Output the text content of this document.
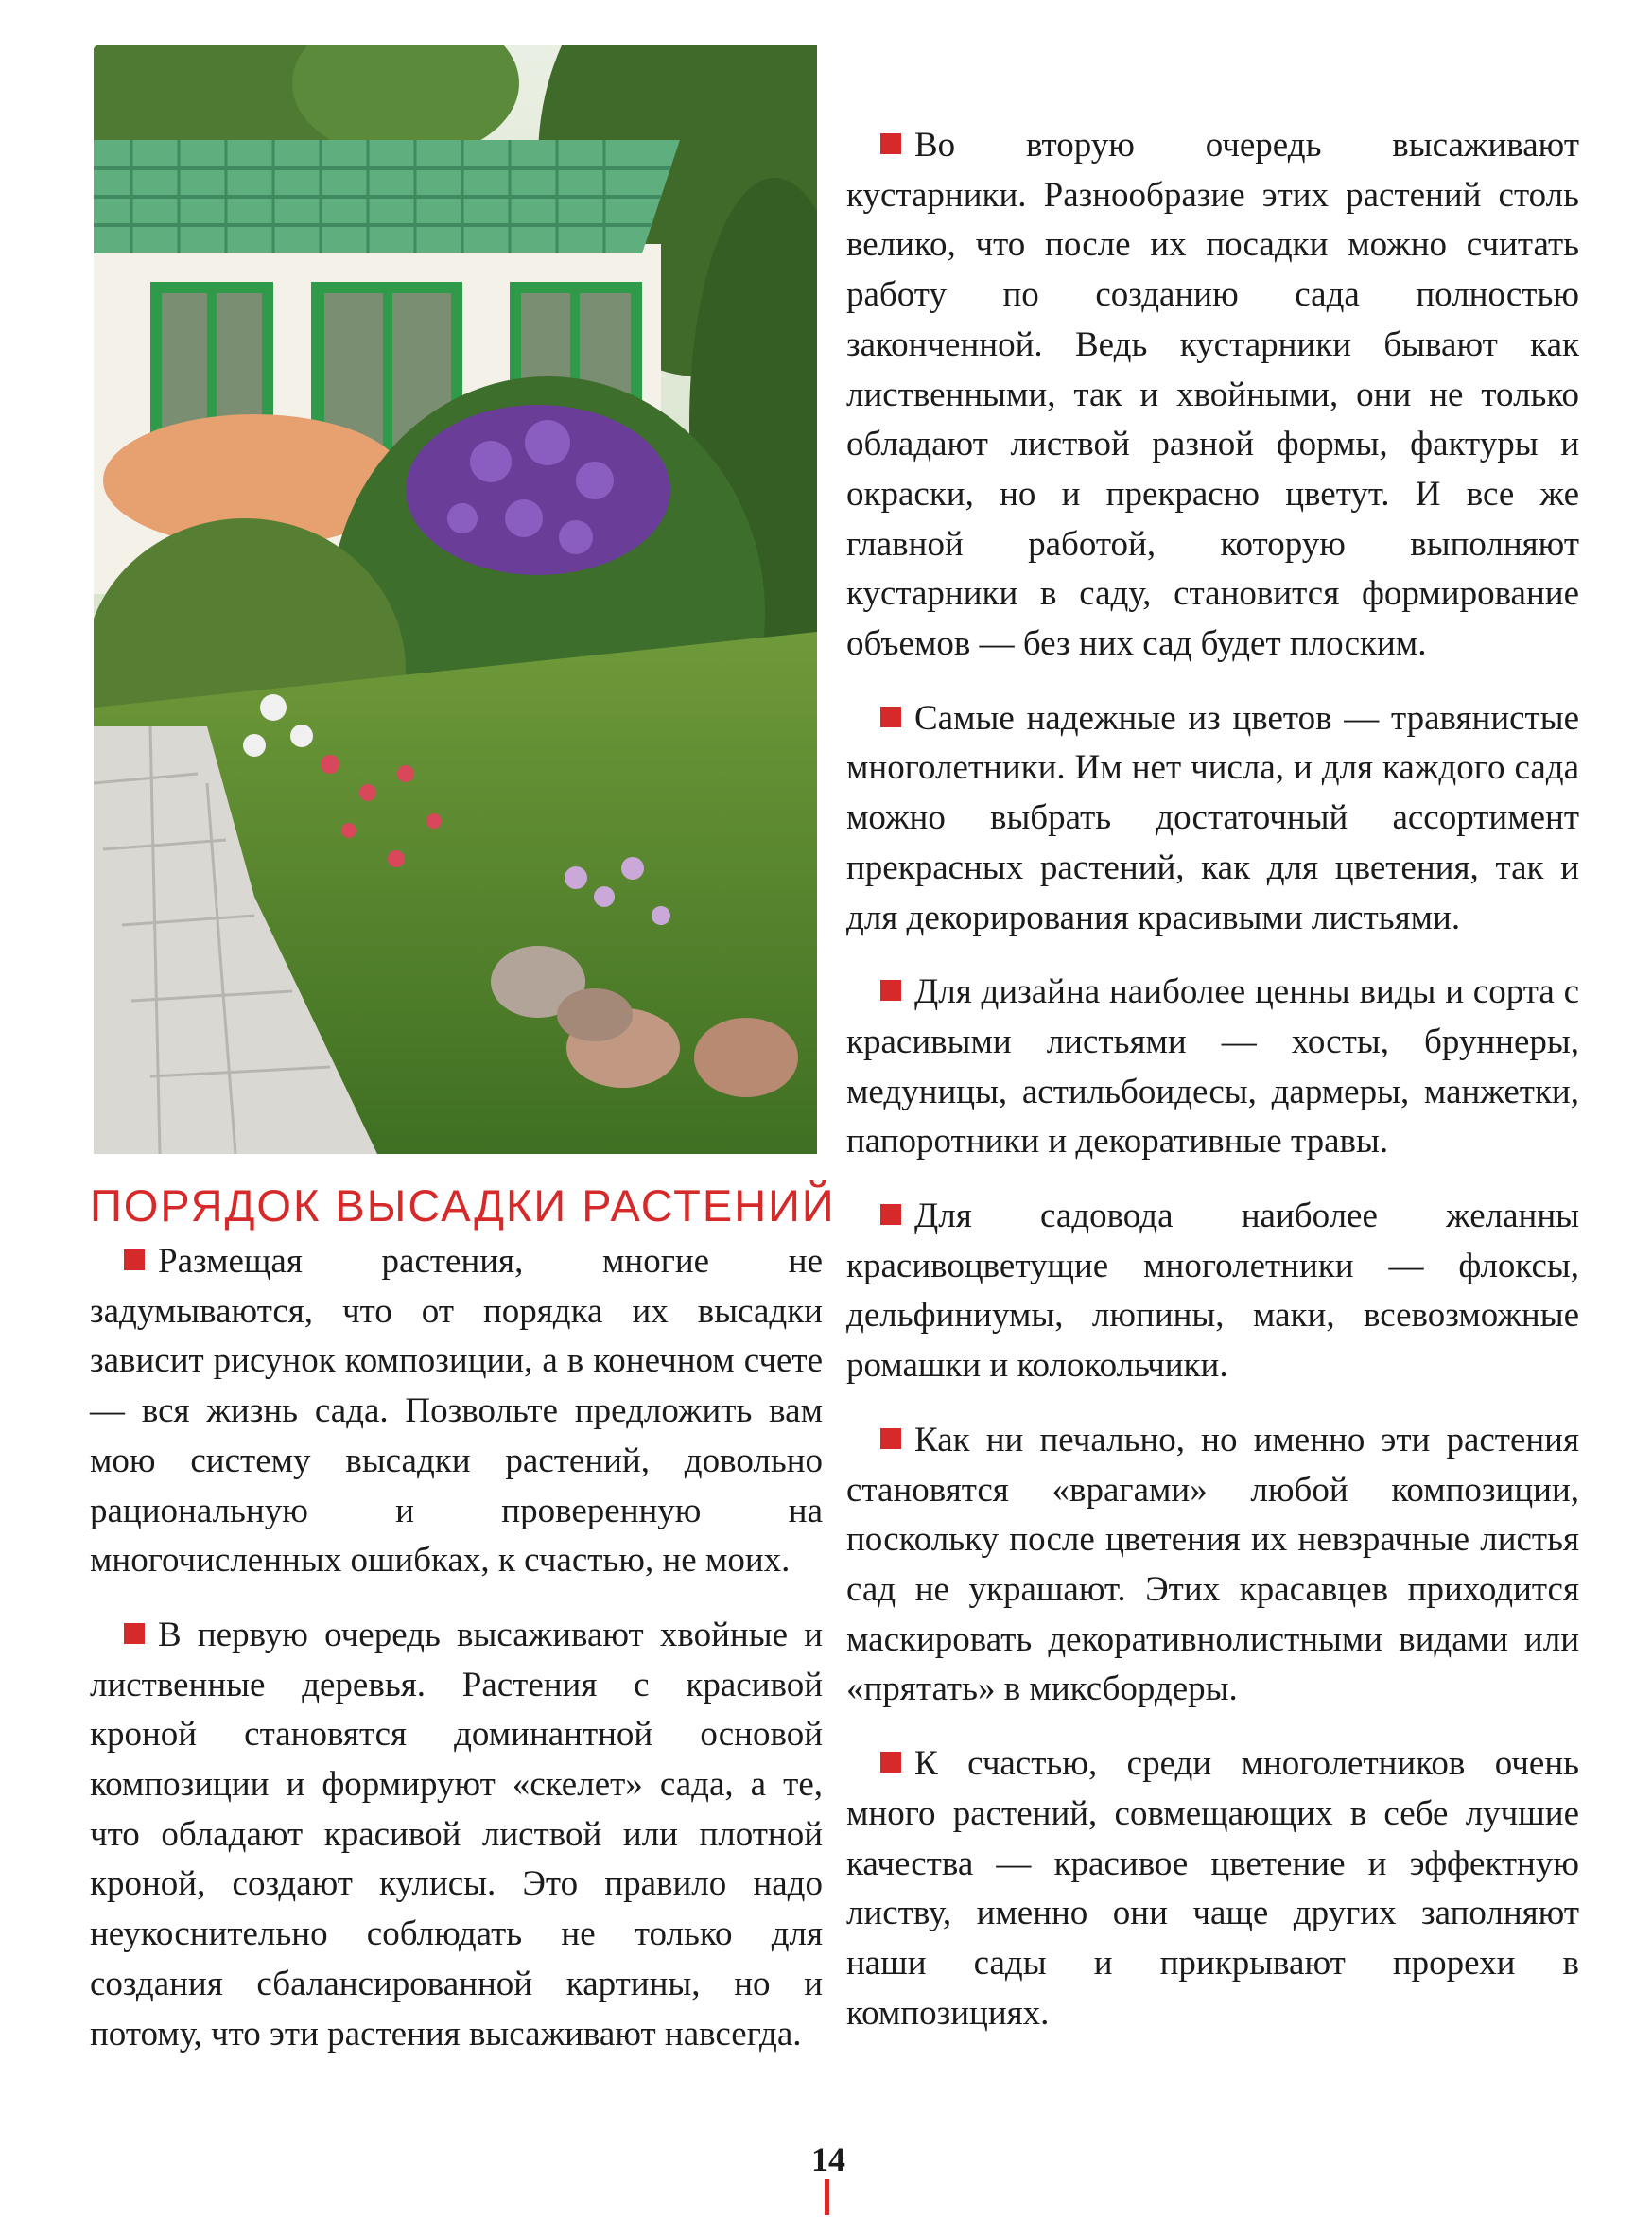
ПОРЯДОК ВЫСАДКИ РАСТЕНИЙ

Размещая растения, многие не задумываются, что от порядка их высадки зависит рисунок композиции, а в конечном счете — вся жизнь сада. Позвольте предложить вам мою систему высадки растений, довольно рациональную и проверенную на многочисленных ошибках, к счастью, не моих.

В первую очередь высаживают хвойные и лиственные деревья. Растения с красивой кроной становятся доминантной основой композиции и формируют «скелет» сада, а те, что обладают красивой листвой или плотной кроной, создают кулисы. Это правило надо неукоснительно соблюдать не только для создания сбалансированной картины, но и потому, что эти растения высаживают навсегда.

Во вторую очередь высаживают кустарники. Разнообразие этих растений столь велико, что после их посадки можно считать работу по созданию сада полностью законченной. Ведь кустарники бывают как лиственными, так и хвойными, они не только обладают листвой разной формы, фактуры и окраски, но и прекрасно цветут. И все же главной работой, которую выполняют кустарники в саду, становится формирование объемов — без них сад будет плоским.

Самые надежные из цветов — травянистые многолетники. Им нет числа, и для каждого сада можно выбрать достаточный ассортимент прекрасных растений, как для цветения, так и для декорирования красивыми листьями.

Для дизайна наиболее ценны виды и сорта с красивыми листьями — хосты, бруннеры, медуницы, астильбоидесы, дармеры, манжетки, папоротники и декоративные травы.

Для садовода наиболее желанны красивоцветущие многолетники — флоксы, дельфиниумы, люпины, маки, всевозможные ромашки и колокольчики.

Как ни печально, но именно эти растения становятся «врагами» любой композиции, поскольку после цветения их невзрачные листья сад не украшают. Этих красавцев приходится маскировать декоративнолистными видами или «прятать» в миксбордеры.

К счастью, среди многолетников очень много растений, совмещающих в себе лучшие качества — красивое цветение и эффектную листву, именно они чаще других заполняют наши сады и прикрывают прорехи в композициях.

14
